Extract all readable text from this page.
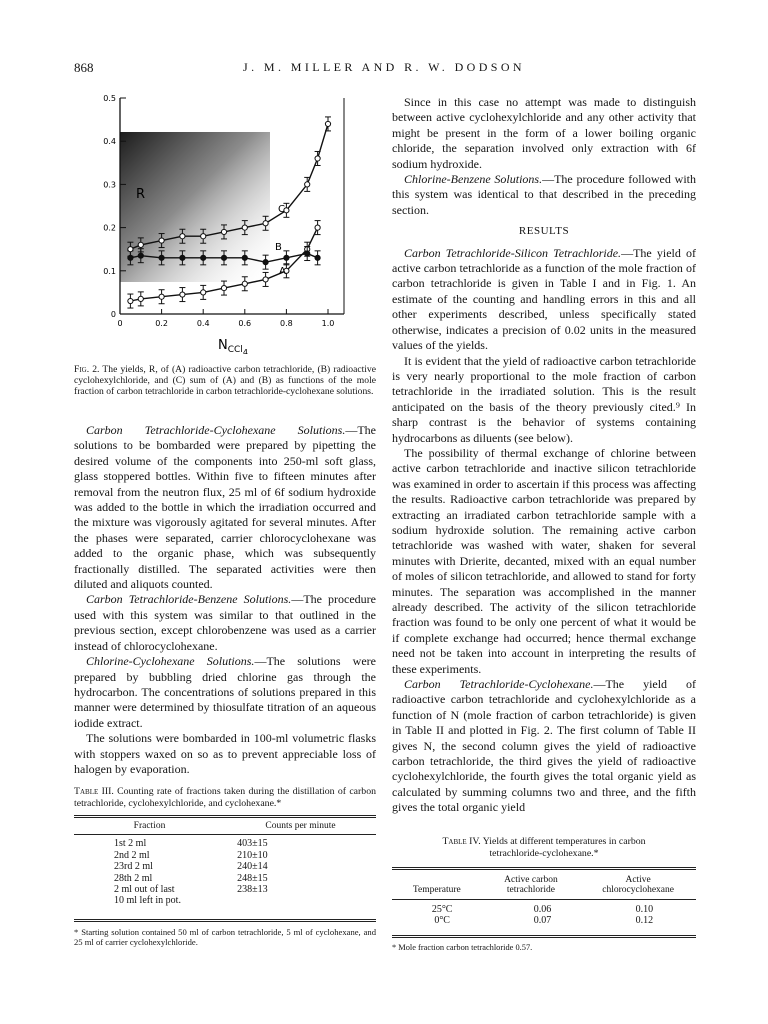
868	J. M. MILLER AND R. W. DODSON
0
0.1
0.2
0.3
0.4
0.5
0	0.2	0.4	0.6	0.8	1.0
R
A
B
C
$N_{CCl4}$
Fig. 2. The yields, R, of (A) radioactive carbon tetrachloride, (B) radioactive cyclohexylchloride, and (C) sum of (A) and (B) as functions of the mole fraction of carbon tetrachloride in carbon tetrachloride-cyclohexane solutions.

Carbon Tetrachloride-Cyclohexane Solutions.—The solutions to be bombarded were prepared by pipetting the desired volume of the components into 250-ml soft glass, glass stoppered bottles. Within five to fifteen minutes after removal from the neutron flux, 25 ml of 6f sodium hydroxide was added to the bottle in which the irradiation occurred and the mixture was vigorously agitated for several minutes. After the phases were separated, carrier chlorocyclohexane was added to the organic phase, which was subsequently fractionally distilled. The separated activities were then diluted and aliquots counted.

Carbon Tetrachloride-Benzene Solutions.—The procedure used with this system was similar to that outlined in the previous section, except chlorobenzene was used as a carrier instead of chlorocyclohexane.

Chlorine-Cyclohexane Solutions.—The solutions were prepared by bubbling dried chlorine gas through the hydrocarbon. The concentrations of solutions prepared in this manner were determined by thiosulfate titration of an aqueous iodide extract.

The solutions were bombarded in 100-ml volumetric flasks with stoppers waxed on so as to prevent appreciable loss of halogen by evaporation.

Table III. Counting rate of fractions taken during the distillation of carbon tetrachloride, cyclohexylchloride, and cyclohexane.*
Fraction	Counts per minute
1st 2 ml	403±15
2nd 2 ml	210±10
23rd 2 ml	240±14
28th 2 ml	248±15
2 ml out of last	238±13
10 ml left in pot.	
* Starting solution contained 50 ml of carbon tetrachloride, 5 ml of cyclohexane, and 25 ml of carrier cyclohexylchloride.

Since in this case no attempt was made to distinguish between active cyclohexylchloride and any other activity that might be present in the form of a lower boiling organic chloride, the separation involved only extraction with 6f sodium hydroxide.

Chlorine-Benzene Solutions.—The procedure followed with this system was identical to that described in the preceding section.

RESULTS

Carbon Tetrachloride-Silicon Tetrachloride.—The yield of active carbon tetrachloride as a function of the mole fraction of carbon tetrachloride is given in Table I and in Fig. 1. An estimate of the counting and handling errors in this and all other experiments described, unless specifically stated otherwise, indicates a precision of 0.02 units in the measured values of the yields.

It is evident that the yield of radioactive carbon tetrachloride is very nearly proportional to the mole fraction of carbon tetrachloride in the irradiated solution. This is the result anticipated on the basis of the theory previously cited.⁹ In sharp contrast is the behavior of systems containing hydrocarbons as diluents (see below).

The possibility of thermal exchange of chlorine between active carbon tetrachloride and inactive silicon tetrachloride was examined in order to ascertain if this process was affecting the results. Radioactive carbon tetrachloride was prepared by extracting an irradiated carbon tetrachloride sample with a sodium hydroxide solution. The remaining active carbon tetrachloride was washed with water, shaken for several minutes with Drierite, decanted, mixed with an equal number of moles of silicon tetrachloride, and allowed to stand for forty minutes. The separation was accomplished in the manner already described. The activity of the silicon tetrachloride fraction was found to be only one percent of what it would be if complete exchange had occurred; hence thermal exchange need not be taken into account in interpreting the results of these experiments.

Carbon Tetrachloride-Cyclohexane.—The yield of radioactive carbon tetrachloride and cyclohexylchloride as a function of N (mole fraction of carbon tetrachloride) is given in Table II and plotted in Fig. 2. The first column of Table II gives N, the second column gives the yield of radioactive carbon tetrachloride, the third gives the yield of radioactive cyclohexylchloride, the fourth gives the total organic yield as calculated by summing columns two and three, and the fifth gives the total organic yield

Table IV. Yields at different temperatures in carbon tetrachloride-cyclohexane.*
Temperature	Active carbon tetrachloride	Active chlorocyclohexane
25°C	0.06	0.10
0°C	0.07	0.12
* Mole fraction carbon tetrachloride 0.57.
